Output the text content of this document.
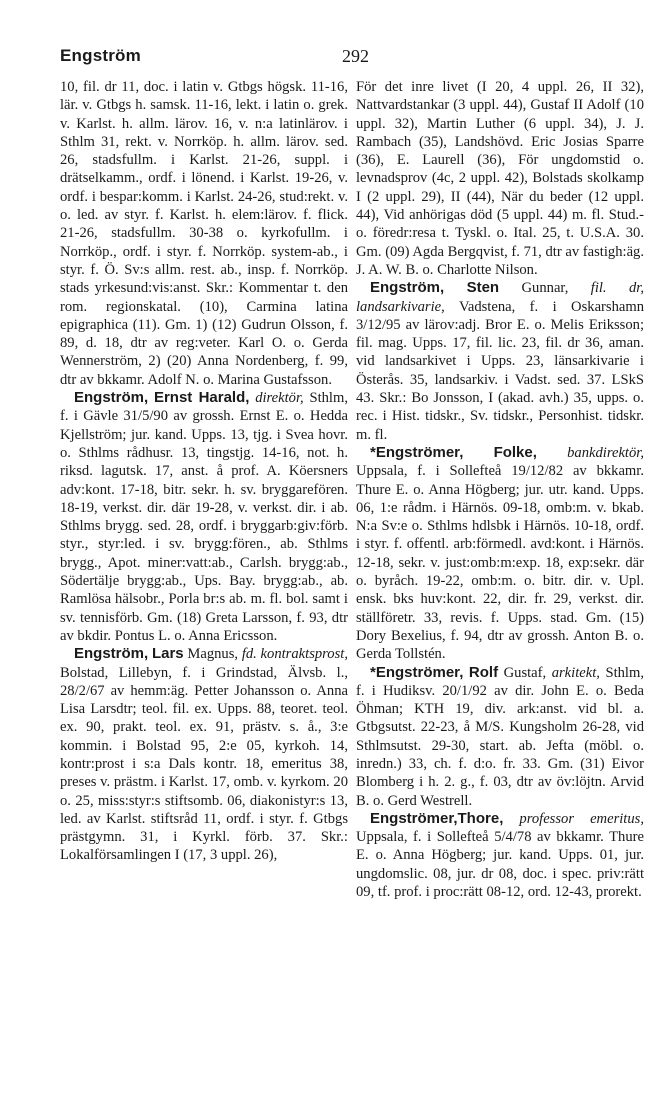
Engström	292

10, fil. dr 11, doc. i latin v. Gtbgs högsk. 11-16, lär. v. Gtbgs h. samsk. 11-16, lekt. i latin o. grek. v. Karlst. h. allm. lärov. 16, v. n:a latinlärov. i Sthlm 31, rekt. v. Norrköp. h. allm. lärov. sed. 26, stadsfullm. i Karlst. 21-26, suppl. i drätselkamm., ordf. i lönend. i Karlst. 19-26, v. ordf. i bespar:komm. i Karlst. 24-26, stud:rekt. v. o. led. av styr. f. Karlst. h. elem:lärov. f. flick. 21-26, stadsfullm. 30-38 o. kyrkofullm. i Norrköp., ordf. i styr. f. Norrköp. system-ab., i styr. f. Ö. Sv:s allm. rest. ab., insp. f. Norrköp. stads yrkesund:vis:anst. Skr.: Kommentar t. den rom. regionskatal. (10), Carmina latina epigraphica (11). Gm. 1) (12) Gudrun Olsson, f. 89, d. 18, dtr av reg:veter. Karl O. o. Gerda Wennerström, 2) (20) Anna Nordenberg, f. 99, dtr av bkkamr. Adolf N. o. Marina Gustafsson.

Engström, Ernst Harald, direktör, Sthlm, f. i Gävle 31/5/90 av grossh. Ernst E. o. Hedda Kjellström; jur. kand. Upps. 13, tjg. i Svea hovr. o. Sthlms rådhusr. 13, tingstjg. 14-16, not. h. riksd. lagutsk. 17, anst. å prof. A. Köersners adv:kont. 17-18, bitr. sekr. h. sv. bryggarefören. 18-19, verkst. dir. där 19-28, v. verkst. dir. i ab. Sthlms brygg. sed. 28, ordf. i bryggarb:giv:förb. styr., styr:led. i sv. brygg:fören., ab. Sthlms brygg., Apot. miner:vatt:ab., Carlsh. brygg:ab., Södertälje brygg:ab., Ups. Bay. brygg:ab., ab. Ramlösa hälsobr., Porla br:s ab. m. fl. bol. samt i sv. tennisförb. Gm. (18) Greta Larsson, f. 93, dtr av bkdir. Pontus L. o. Anna Ericsson.

Engström, Lars Magnus, fd. kontraktsprost, Bolstad, Lillebyn, f. i Grindstad, Älvsb. l., 28/2/67 av hemm:äg. Petter Johansson o. Anna Lisa Larsdtr; teol. fil. ex. Upps. 88, teoret. teol. ex. 90, prakt. teol. ex. 91, prästv. s. å., 3:e kommin. i Bolstad 95, 2:e 05, kyrkoh. 14, kontr:prost i s:a Dals kontr. 18, emeritus 38, preses v. prästm. i Karlst. 17, omb. v. kyrkom. 20 o. 25, miss:styr:s stiftsomb. 06, diakonistyr:s 13, led. av Karlst. stiftsråd 11, ordf. i styr. f. Gtbgs prästgymn. 31, i Kyrkl. förb. 37. Skr.: Lokalförsamlingen I (17, 3 uppl. 26),

För det inre livet (I 20, 4 uppl. 26, II 32), Nattvardstankar (3 uppl. 44), Gustaf II Adolf (10 uppl. 32), Martin Luther (6 uppl. 34), J. J. Rambach (35), Landshövd. Eric Josias Sparre (36), E. Laurell (36), För ungdomstid o. levnadsprov (4c, 2 uppl. 42), Bolstads skolkamp I (2 uppl. 29), II (44), När du beder (12 uppl. 44), Vid anhörigas död (5 uppl. 44) m. fl. Stud.- o. föredr:resa t. Tyskl. o. Ital. 25, t. U.S.A. 30. Gm. (09) Agda Bergqvist, f. 71, dtr av fastigh:äg. J. A. W. B. o. Charlotte Nilson.

Engström, Sten Gunnar, fil. dr, landsarkivarie, Vadstena, f. i Oskarshamn 3/12/95 av lärov:adj. Bror E. o. Melis Eriksson; fil. mag. Upps. 17, fil. lic. 23, fil. dr 36, aman. vid landsarkivet i Upps. 23, länsarkivarie i Österås. 35, landsarkiv. i Vadst. sed. 37. LSkS 43. Skr.: Bo Jonsson, I (akad. avh.) 35, upps. o. rec. i Hist. tidskr., Sv. tidskr., Personhist. tidskr. m. fl.

*Engströmer, Folke, bankdirektör, Uppsala, f. i Sollefteå 19/12/82 av bkkamr. Thure E. o. Anna Högberg; jur. utr. kand. Upps. 06, 1:e rådm. i Härnös. 09-18, omb:m. v. bkab. N:a Sv:e o. Sthlms hdlsbk i Härnös. 10-18, ordf. i styr. f. offentl. arb:förmedl. avd:kont. i Härnös. 12-18, sekr. v. just:omb:m:exp. 18, exp:sekr. där o. byråch. 19-22, omb:m. o. bitr. dir. v. Upl. ensk. bks huv:kont. 22, dir. fr. 29, verkst. dir. ställföretr. 33, revis. f. Upps. stad. Gm. (15) Dory Bexelius, f. 94, dtr av grossh. Anton B. o. Gerda Tollstén.

*Engströmer, Rolf Gustaf, arkitekt, Sthlm, f. i Hudiksv. 20/1/92 av dir. John E. o. Beda Öhman; KTH 19, div. ark:anst. vid bl. a. Gtbgsutst. 22-23, å M/S. Kungsholm 26-28, vid Sthlmsutst. 29-30, start. ab. Jefta (möbl. o. inredn.) 33, ch. f. d:o. fr. 33. Gm. (31) Eivor Blomberg i h. 2. g., f. 03, dtr av öv:löjtn. Arvid B. o. Gerd Westrell.

Engströmer,Thore, professor emeritus, Uppsala, f. i Sollefteå 5/4/78 av bkkamr. Thure E. o. Anna Högberg; jur. kand. Upps. 01, jur. ungdomslic. 08, jur. dr 08, doc. i spec. priv:rätt 09, tf. prof. i proc:rätt 08-12, ord. 12-43, prorekt.
